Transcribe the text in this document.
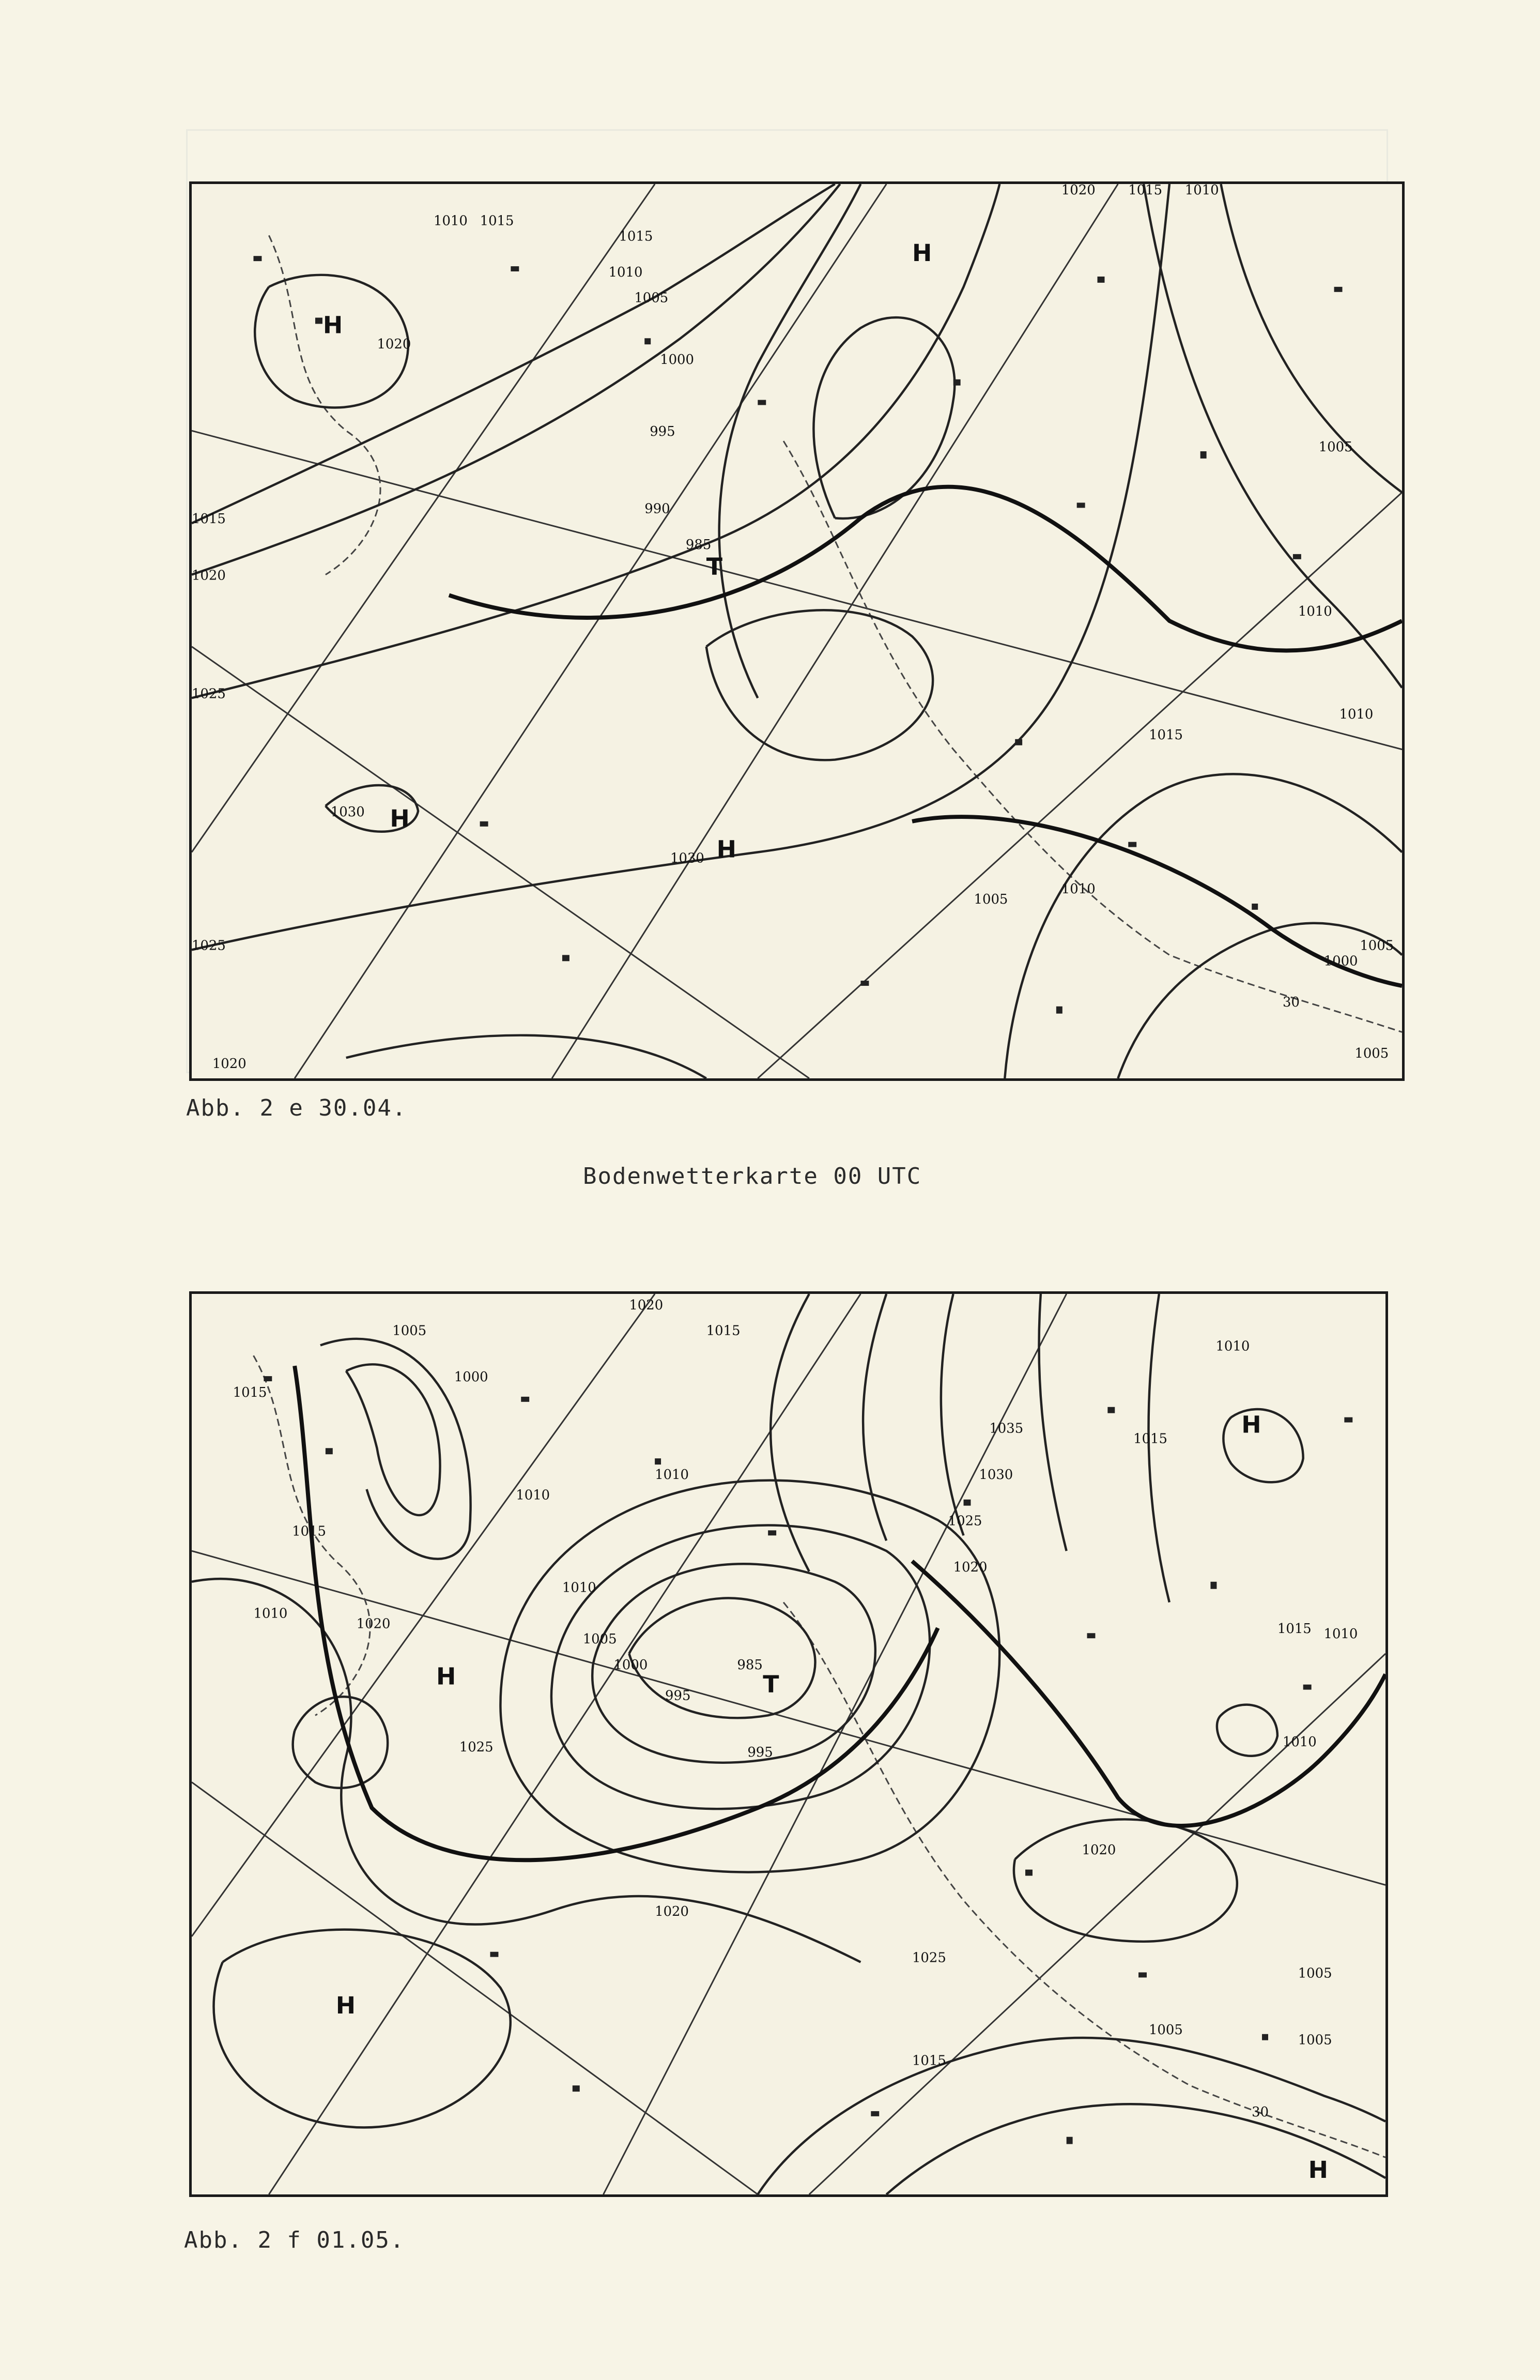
1010 1015
1015
1010
1005
1000
995
990
985
1020 1015 1010
1020
1015
1020
1025
1030
1030
1025
1020
1005
1010
1010
1015
1010
1005
1000
1005
1005
30
H
T
H
H
H
Abb. 2 e 30.04.
Bodenwetterkarte 00 UTC
1020
1015
1005
1000
1015
1010
1010
1015
1010
1020
1035
1030
1025
1020
1010
1005
1000
995
985
995
1025
1010
1015
1020
1025
1015
1020
1005
1015
1010
1010
1005
1005
30
H	T
H
H
H
Abb. 2 f 01.05.
